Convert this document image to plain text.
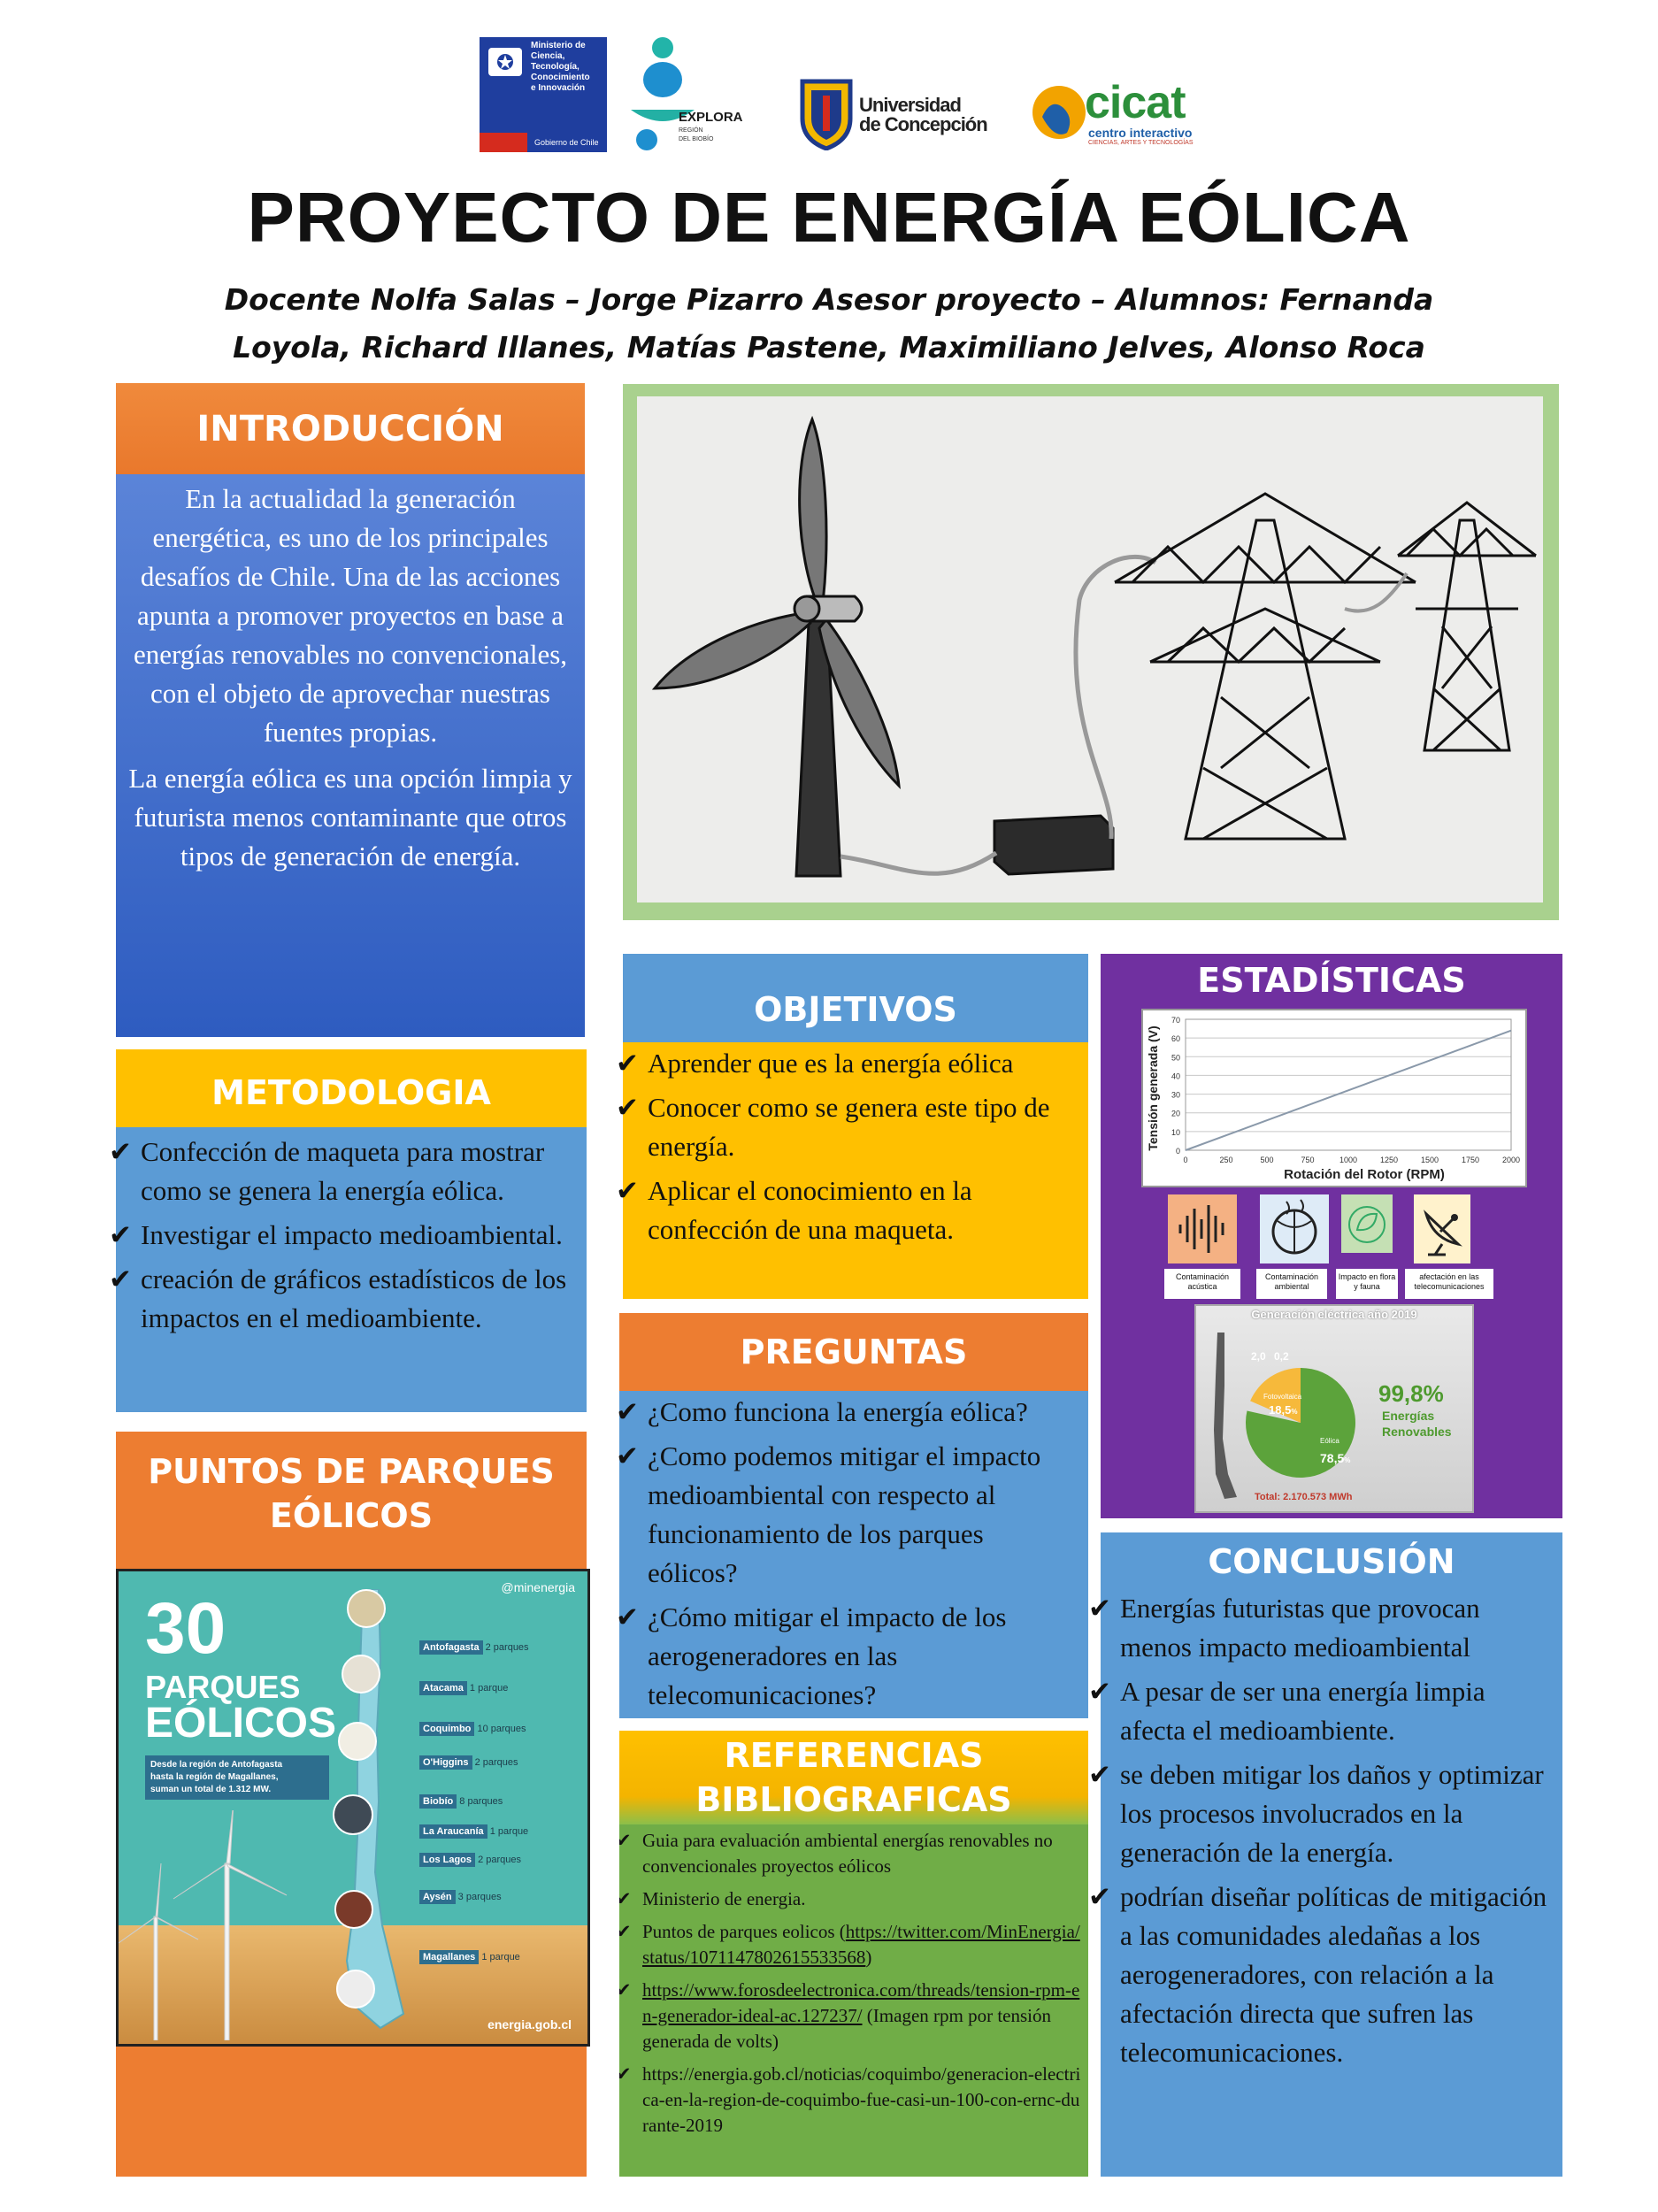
Ministerio de
Ciencia,
Tecnología,
Conocimiento
e Innovación
Gobierno de Chile
EXPLORA
REGIÓN
DEL BIOBÍO
Universidad
de Concepción cicat
centro interactivo
CIENCIAS, ARTES Y TECNOLOGÍAS
PROYECTO DE ENERGÍA EÓLICA
Docente Nolfa Salas – Jorge Pizarro Asesor proyecto – Alumnos: Fernanda
Loyola, Richard Illanes, Matías Pastene, Maximiliano Jelves, Alonso Roca
INTRODUCCIÓN
En la actualidad la generación energética, es uno de los principales desafíos de Chile. Una de las acciones apunta a promover proyectos en base a energías renovables no convencionales, con el objeto de aprovechar nuestras fuentes propias.
La energía eólica es una opción limpia y futurista menos contaminante que otros tipos de generación de energía.
METODOLOGIA
✔ Confección de maqueta para mostrar como se genera la energía eólica.
✔ Investigar el impacto medioambiental.
✔ creación de gráficos estadísticos de los impactos en el medioambiente.
PUNTOS DE PARQUES
EÓLICOS
@minenergia
30
PARQUES
EÓLICOS
Desde la región de Antofagasta
hasta la región de Magallanes,
suman un total de 1.312 MW.
Antofagasta 2 parques
Atacama 1 parque
Coquimbo 10 parques
O'Higgins 2 parques
Biobío 8 parques
La Araucanía 1 parque
Los Lagos 2 parques
Aysén 3 parques
Magallanes 1 parque
energia.gob.cl
OBJETIVOS
✔ Aprender que es la energía eólica
✔ Conocer como se genera este tipo de energía.
✔ Aplicar el conocimiento en la confección de una maqueta.
PREGUNTAS
✔ ¿Como funciona la energía eólica?
✔ ¿Como podemos mitigar el impacto medioambiental con respecto al funcionamiento de los parques eólicos?
✔ ¿Cómo mitigar el impacto de los aerogeneradores en las telecomunicaciones?
REFERENCIAS
BIBLIOGRAFICAS
✔ Guia para evaluación ambiental energías renovables no convencionales proyectos eólicos
✔ Ministerio de energia.
✔ Puntos de parques eolicos (https://twitter.com/MinEnergia/status/1071147802615533568)
✔ https://www.forosdeelectronica.com/threads/tension-rpm-en-generador-ideal-ac.127237/ (Imagen rpm por tensión generada de volts)
✔ https://energia.gob.cl/noticias/coquimbo/generacion-electrica-en-la-region-de-coquimbo-fue-casi-un-100-con-ernc-durante-2019
ESTADÍSTICAS
0
10
20
30
40
50
60
70
0	250	500	750	1000	1250	1500	1750	2000
Rotación del Rotor (RPM)
Tensión generada (V)
Contaminación acústica
Contaminación ambiental
Impacto en flora y fauna
afectación en las telecomunicaciones
Generación eléctrica año 2019
2,0 0,2
Fotovoltaica
18,5%
Eólica
78,5%
99,8%
Energías
Renovables
Total: 2.170.573 MWh
CONCLUSIÓN
✔ Energías futuristas que provocan menos impacto medioambiental
✔ A pesar de ser una energía limpia afecta el medioambiente.
✔ se deben mitigar los daños y optimizar los procesos involucrados en la generación de la energía.
✔ podrían diseñar políticas de mitigación a las comunidades aledañas a los aerogeneradores, con relación a la afectación directa que sufren las telecomunicaciones.
